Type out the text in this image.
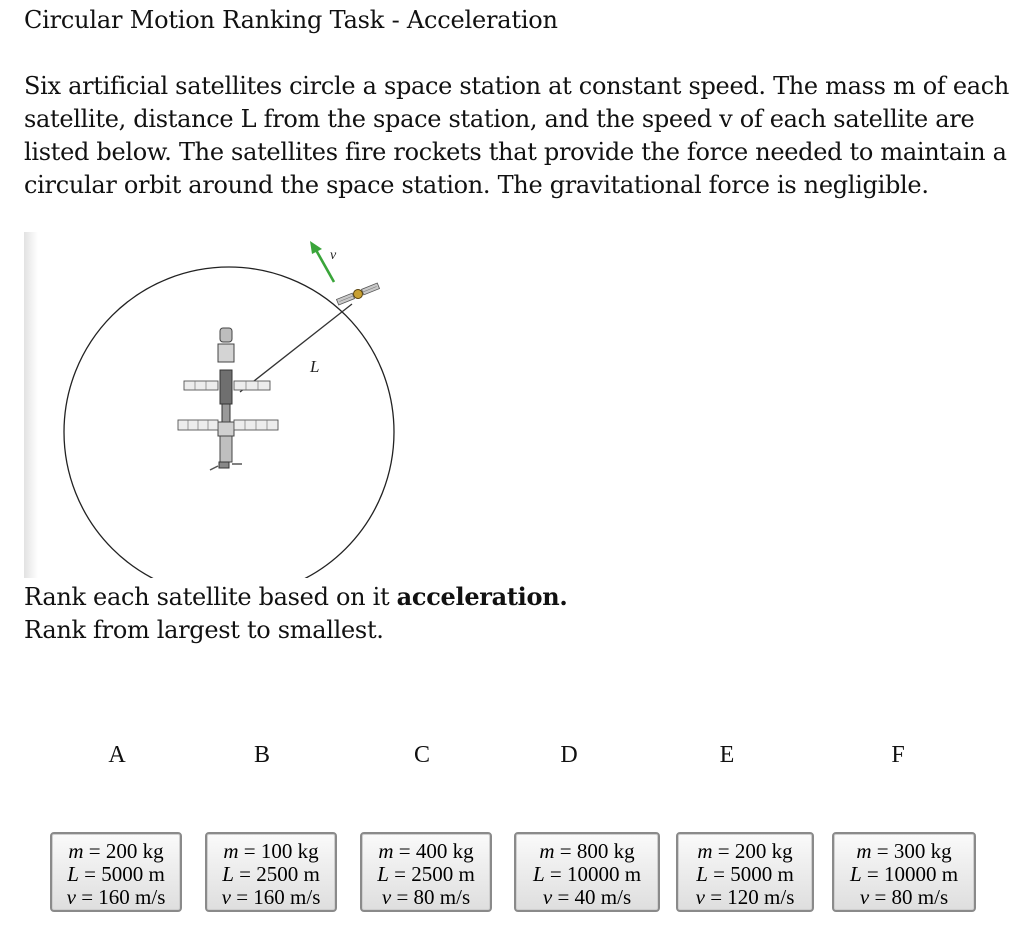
Circular Motion Ranking Task - Acceleration
Six artificial satellites circle a space station at constant speed. The mass m of each satellite, distance L from the space station, and the speed v of each satellite are listed below. The satellites fire rockets that provide the force needed to maintain a circular orbit around the space station. The gravitational force is negligible.
L
v
Rank each satellite based on it acceleration.
Rank from largest to smallest.
A	B	C	D	E	F
m = 200 kg
L = 5000 m
v = 160 m/s
m = 100 kg
L = 2500 m
v = 160 m/s
m = 400 kg
L = 2500 m
v = 80 m/s
m = 800 kg
L = 10000 m
v = 40 m/s
m = 200 kg
L = 5000 m
v = 120 m/s
m = 300 kg
L = 10000 m
v = 80 m/s
